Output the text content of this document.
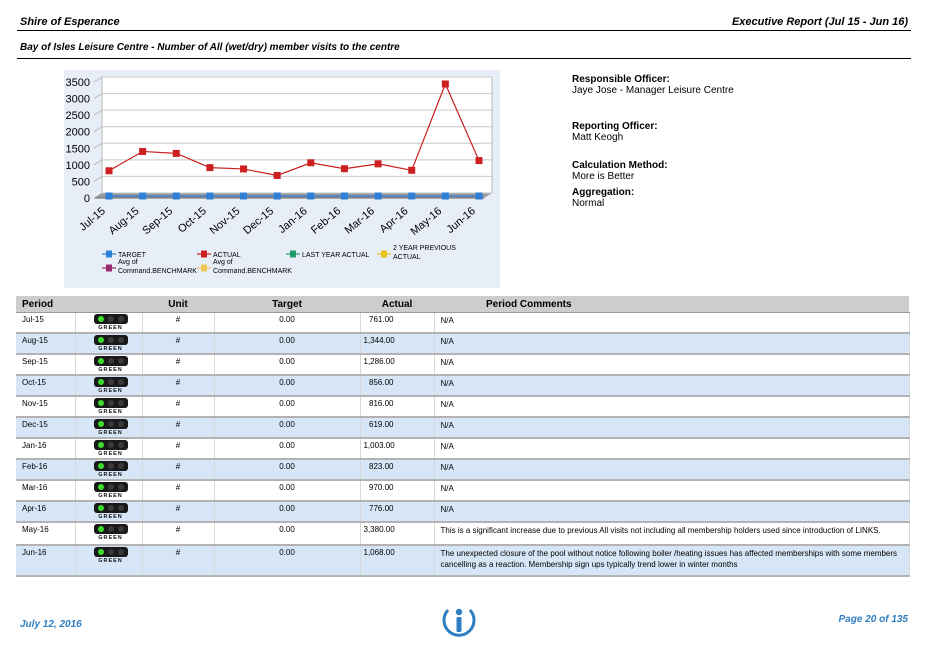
Shire of Esperance	Executive Report (Jul 15 - Jun 16)
Bay of Isles Leisure Centre - Number of All (wet/dry) member visits to the centre
3500
3000
2500
2000
1500
1000
500
0
Jul-15
Aug-15
Sep-15 Oct-15
Nov-15
Dec-15 Jan-16 Feb-16 Mar-16 Apr-16
May-16 Jun-16
TARGET	ACTUAL	LAST YEAR ACTUAL
2 YEAR PREVIOUS
ACTUAL
Avg of
Command.BENCHMARK
Avg of
Command.BENCHMARK
Responsible Officer:
Jaye Jose - Manager Leisure Centre
Reporting Officer:
Matt Keogh
Calculation Method:
More is Better
Aggregation:
Normal
Period		Unit	Target	Actual	Period Comments
Jul-15	GREEN	#	0.00	761.00	N/A
Aug-15	GREEN	#	0.00	1,344.00	N/A
Sep-15	GREEN	#	0.00	1,286.00	N/A
Oct-15	GREEN	#	0.00	856.00	N/A
Nov-15	GREEN	#	0.00	816.00	N/A
Dec-15	GREEN	#	0.00	619.00	N/A
Jan-16	GREEN	#	0.00	1,003.00	N/A
Feb-16	GREEN	#	0.00	823.00	N/A
Mar-16	GREEN	#	0.00	970.00	N/A
Apr-16	GREEN	#	0.00	776.00	N/A
May-16	GREEN	#	0.00	3,380.00	This is a significant increase due to previous All visits not including all membership holders used since introduction of LINKS.
Jun-16	GREEN	#	0.00	1,068.00	The unexpected closure of the pool without notice following boiler /heating issues has affected memberships with some members cancelling as a reaction. Membership sign ups typically trend lower in winter months
July 12, 2016	Page 20 of 135
